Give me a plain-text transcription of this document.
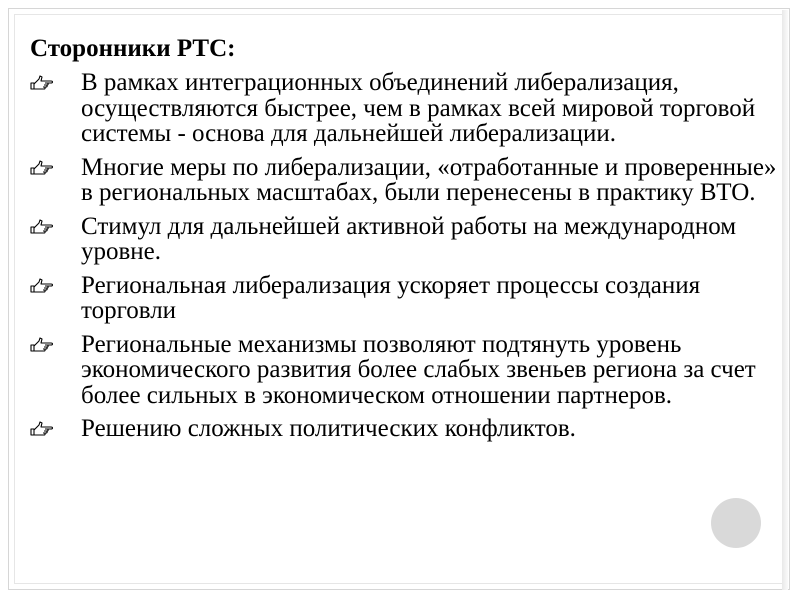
Сторонники РТС:
В рамках интеграционных объединений либерализация, осуществляются быстрее, чем в рамках всей мировой торговой системы - основа для дальнейшей либерализации.
Многие меры по либерализации, «отработанные и проверенные» в региональных масштабах, были перенесены в практику ВТО.
Стимул для дальнейшей активной работы на международном уровне.
Региональная либерализация ускоряет процессы создания торговли
Региональные механизмы позволяют подтянуть уровень экономического развития более слабых звеньев региона за счет более сильных в экономическом отношении партнеров.
Решению сложных политических конфликтов.
